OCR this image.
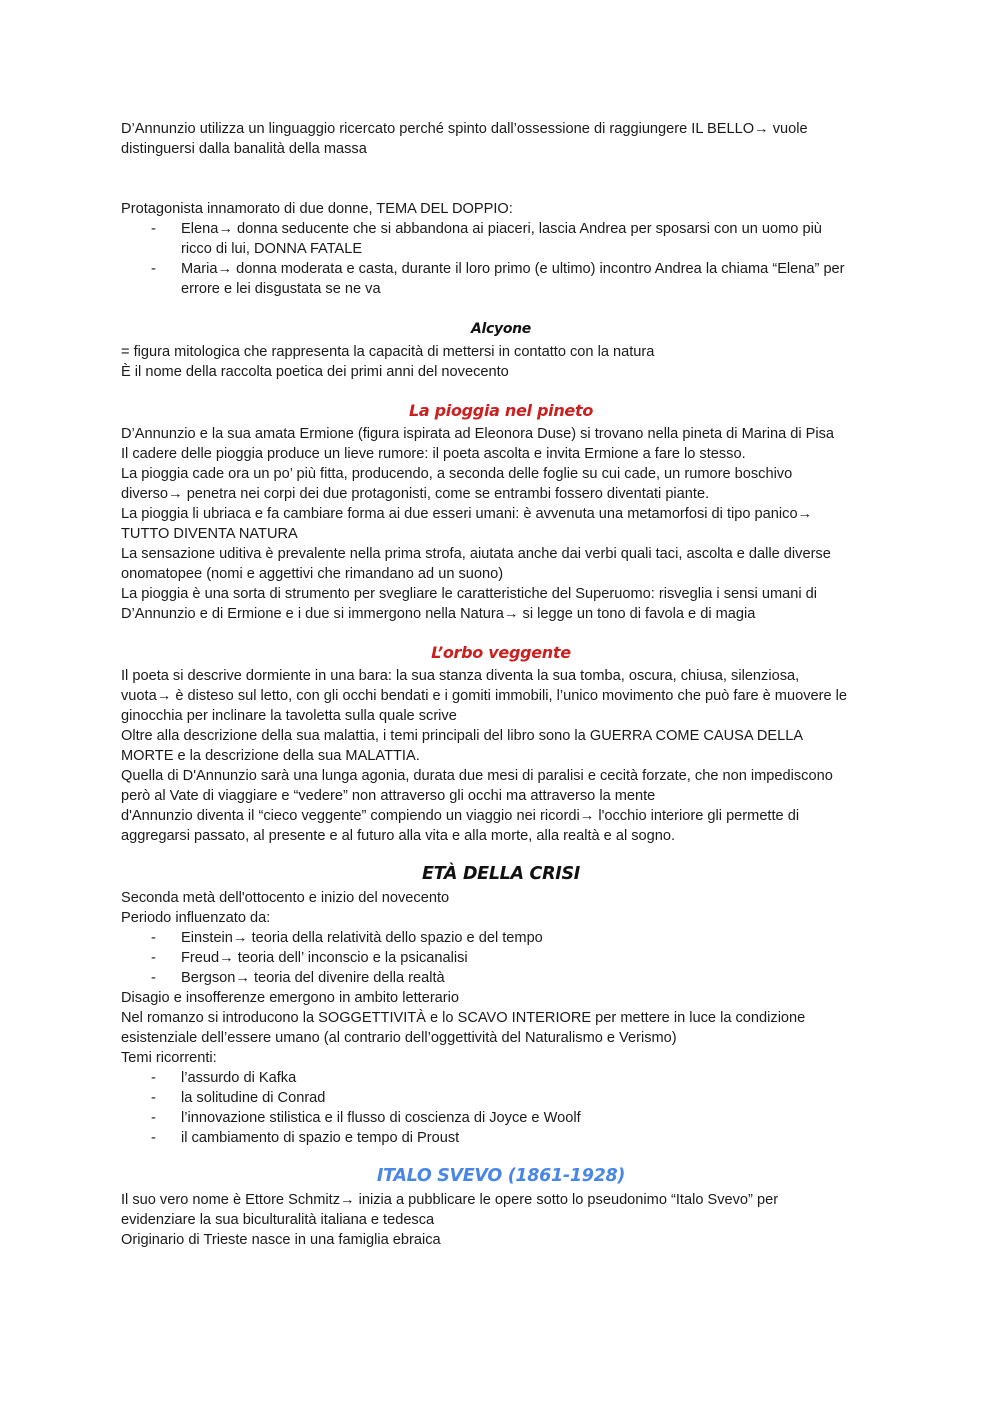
D’Annunzio utilizza un linguaggio ricercato perché spinto dall’ossessione di raggiungere IL BELLO→ vuole

distinguersi dalla banalità della massa

Protagonista innamorato di due donne, TEMA DEL DOPPIO:

- Elena→ donna seducente che si abbandona ai piaceri, lascia Andrea per sposarsi con un uomo più
ricco di lui, DONNA FATALE
- Maria→ donna moderata e casta, durante il loro primo (e ultimo) incontro Andrea la chiama “Elena” per
errore e lei disgustata se ne va
Alcyone

= figura mitologica che rappresenta la capacità di mettersi in contatto con la natura

È il nome della raccolta poetica dei primi anni del novecento

La pioggia nel pineto

D’Annunzio e la sua amata Ermione (figura ispirata ad Eleonora Duse) si trovano nella pineta di Marina di Pisa

Il cadere delle pioggia produce un lieve rumore: il poeta ascolta e invita Ermione a fare lo stesso.

La pioggia cade ora un po’ più fitta, producendo, a seconda delle foglie su cui cade, un rumore boschivo

diverso→ penetra nei corpi dei due protagonisti, come se entrambi fossero diventati piante.

La pioggia li ubriaca e fa cambiare forma ai due esseri umani: è avvenuta una metamorfosi di tipo panico→

TUTTO DIVENTA NATURA

La sensazione uditiva è prevalente nella prima strofa, aiutata anche dai verbi quali taci, ascolta e dalle diverse

onomatopee (nomi e aggettivi che rimandano ad un suono)

La pioggia è una sorta di strumento per svegliare le caratteristiche del Superuomo: risveglia i sensi umani di

D’Annunzio e di Ermione e i due si immergono nella Natura→ si legge un tono di favola e di magia

L’orbo veggente

Il poeta si descrive dormiente in una bara: la sua stanza diventa la sua tomba, oscura, chiusa, silenziosa,

vuota→ è disteso sul letto, con gli occhi bendati e i gomiti immobili, l’unico movimento che può fare è muovere le

ginocchia per inclinare la tavoletta sulla quale scrive

Oltre alla descrizione della sua malattia, i temi principali del libro sono la GUERRA COME CAUSA DELLA

MORTE e la descrizione della sua MALATTIA.

Quella di D'Annunzio sarà una lunga agonia, durata due mesi di paralisi e cecità forzate, che non impediscono

però al Vate di viaggiare e “vedere” non attraverso gli occhi ma attraverso la mente

d'Annunzio diventa il “cieco veggente” compiendo un viaggio nei ricordi→ l'occhio interiore gli permette di

aggregarsi passato, al presente e al futuro alla vita e alla morte, alla realtà e al sogno.

ETÀ DELLA CRISI

Seconda metà dell'ottocento e inizio del novecento

Periodo influenzato da:

- Einstein→ teoria della relatività dello spazio e del tempo
- Freud→ teoria dell’ inconscio e la psicanalisi
- Bergson→ teoria del divenire della realtà

Disagio e insofferenze emergono in ambito letterario

Nel romanzo si introducono la SOGGETTIVITÀ e lo SCAVO INTERIORE per mettere in luce la condizione

esistenziale dell’essere umano (al contrario dell’oggettività del Naturalismo e Verismo)

Temi ricorrenti:

- l’assurdo di Kafka
- la solitudine di Conrad
- l’innovazione stilistica e il flusso di coscienza di Joyce e Woolf
- il cambiamento di spazio e tempo di Proust
ITALO SVEVO (1861-1928)

Il suo vero nome è Ettore Schmitz→ inizia a pubblicare le opere sotto lo pseudonimo “Italo Svevo” per

evidenziare la sua biculturalità italiana e tedesca

Originario di Trieste nasce in una famiglia ebraica
